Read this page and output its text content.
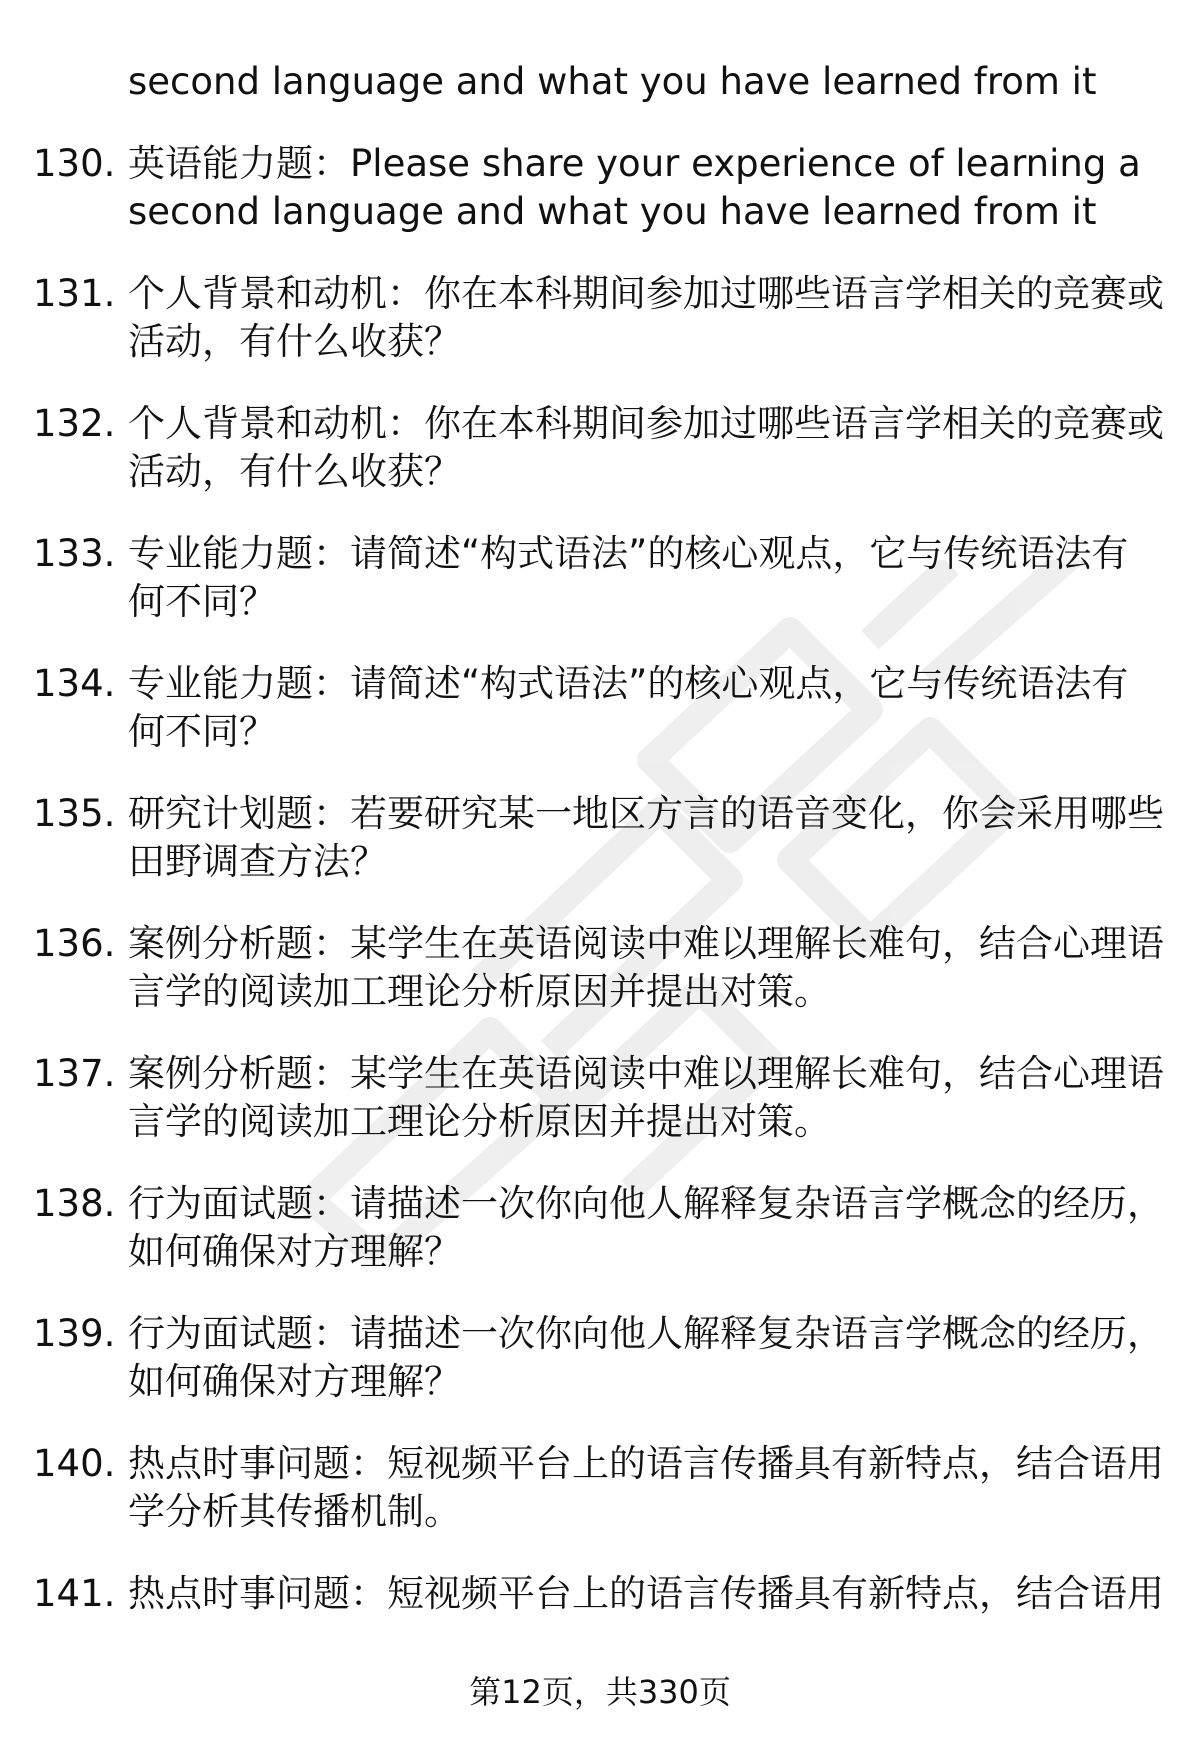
second language and what you have learned from it
130. 英语能力题：Please share your experience of learning a
second language and what you have learned from it
131. 个人背景和动机：你在本科期间参加过哪些语言学相关的竞赛或
活动，有什么收获？
132. 个人背景和动机：你在本科期间参加过哪些语言学相关的竞赛或
活动，有什么收获？
133. 专业能力题：请简述“构式语法”的核心观点，它与传统语法有
何不同？
134. 专业能力题：请简述“构式语法”的核心观点，它与传统语法有
何不同？
135. 研究计划题：若要研究某一地区方言的语音变化，你会采用哪些
田野调查方法？
136. 案例分析题：某学生在英语阅读中难以理解长难句，结合心理语
言学的阅读加工理论分析原因并提出对策。
137. 案例分析题：某学生在英语阅读中难以理解长难句，结合心理语
言学的阅读加工理论分析原因并提出对策。
138. 行为面试题：请描述一次你向他人解释复杂语言学概念的经历，
如何确保对方理解？
139. 行为面试题：请描述一次你向他人解释复杂语言学概念的经历，
如何确保对方理解？
140. 热点时事问题：短视频平台上的语言传播具有新特点，结合语用
学分析其传播机制。
141. 热点时事问题：短视频平台上的语言传播具有新特点，结合语用
第12页，共330页
